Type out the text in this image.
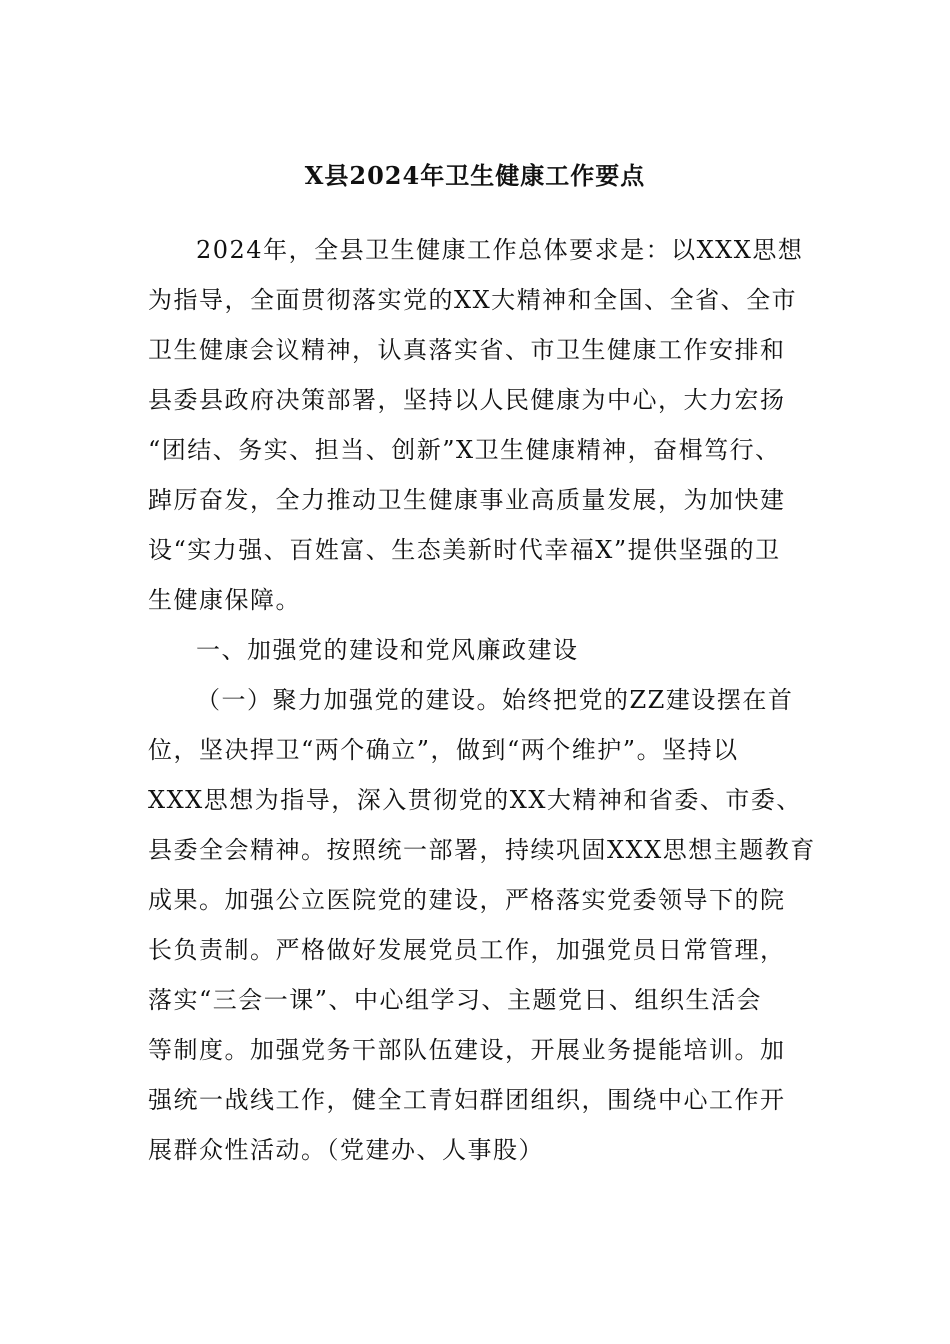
X县2024年卫生健康工作要点
2024年，全县卫生健康工作总体要求是：以XXX思想
为指导，全面贯彻落实党的XX大精神和全国、全省、全市
卫生健康会议精神，认真落实省、市卫生健康工作安排和
县委县政府决策部署，坚持以人民健康为中心，大力宏扬
“团结、务实、担当、创新”X卫生健康精神，奋楫笃行、
踔厉奋发，全力推动卫生健康事业高质量发展，为加快建
设“实力强、百姓富、生态美新时代幸福X”提供坚强的卫
生健康保障。
一、加强党的建设和党风廉政建设
（一）聚力加强党的建设。始终把党的ZZ建设摆在首
位，坚决捍卫“两个确立”，做到“两个维护”。坚持以
XXX思想为指导，深入贯彻党的XX大精神和省委、市委、
县委全会精神。按照统一部署，持续巩固XXX思想主题教育
成果。加强公立医院党的建设，严格落实党委领导下的院
长负责制。严格做好发展党员工作，加强党员日常管理，
落实“三会一课”、中心组学习、主题党日、组织生活会
等制度。加强党务干部队伍建设，开展业务提能培训。加
强统一战线工作，健全工青妇群团组织，围绕中心工作开
展群众性活动。（党建办、人事股）
